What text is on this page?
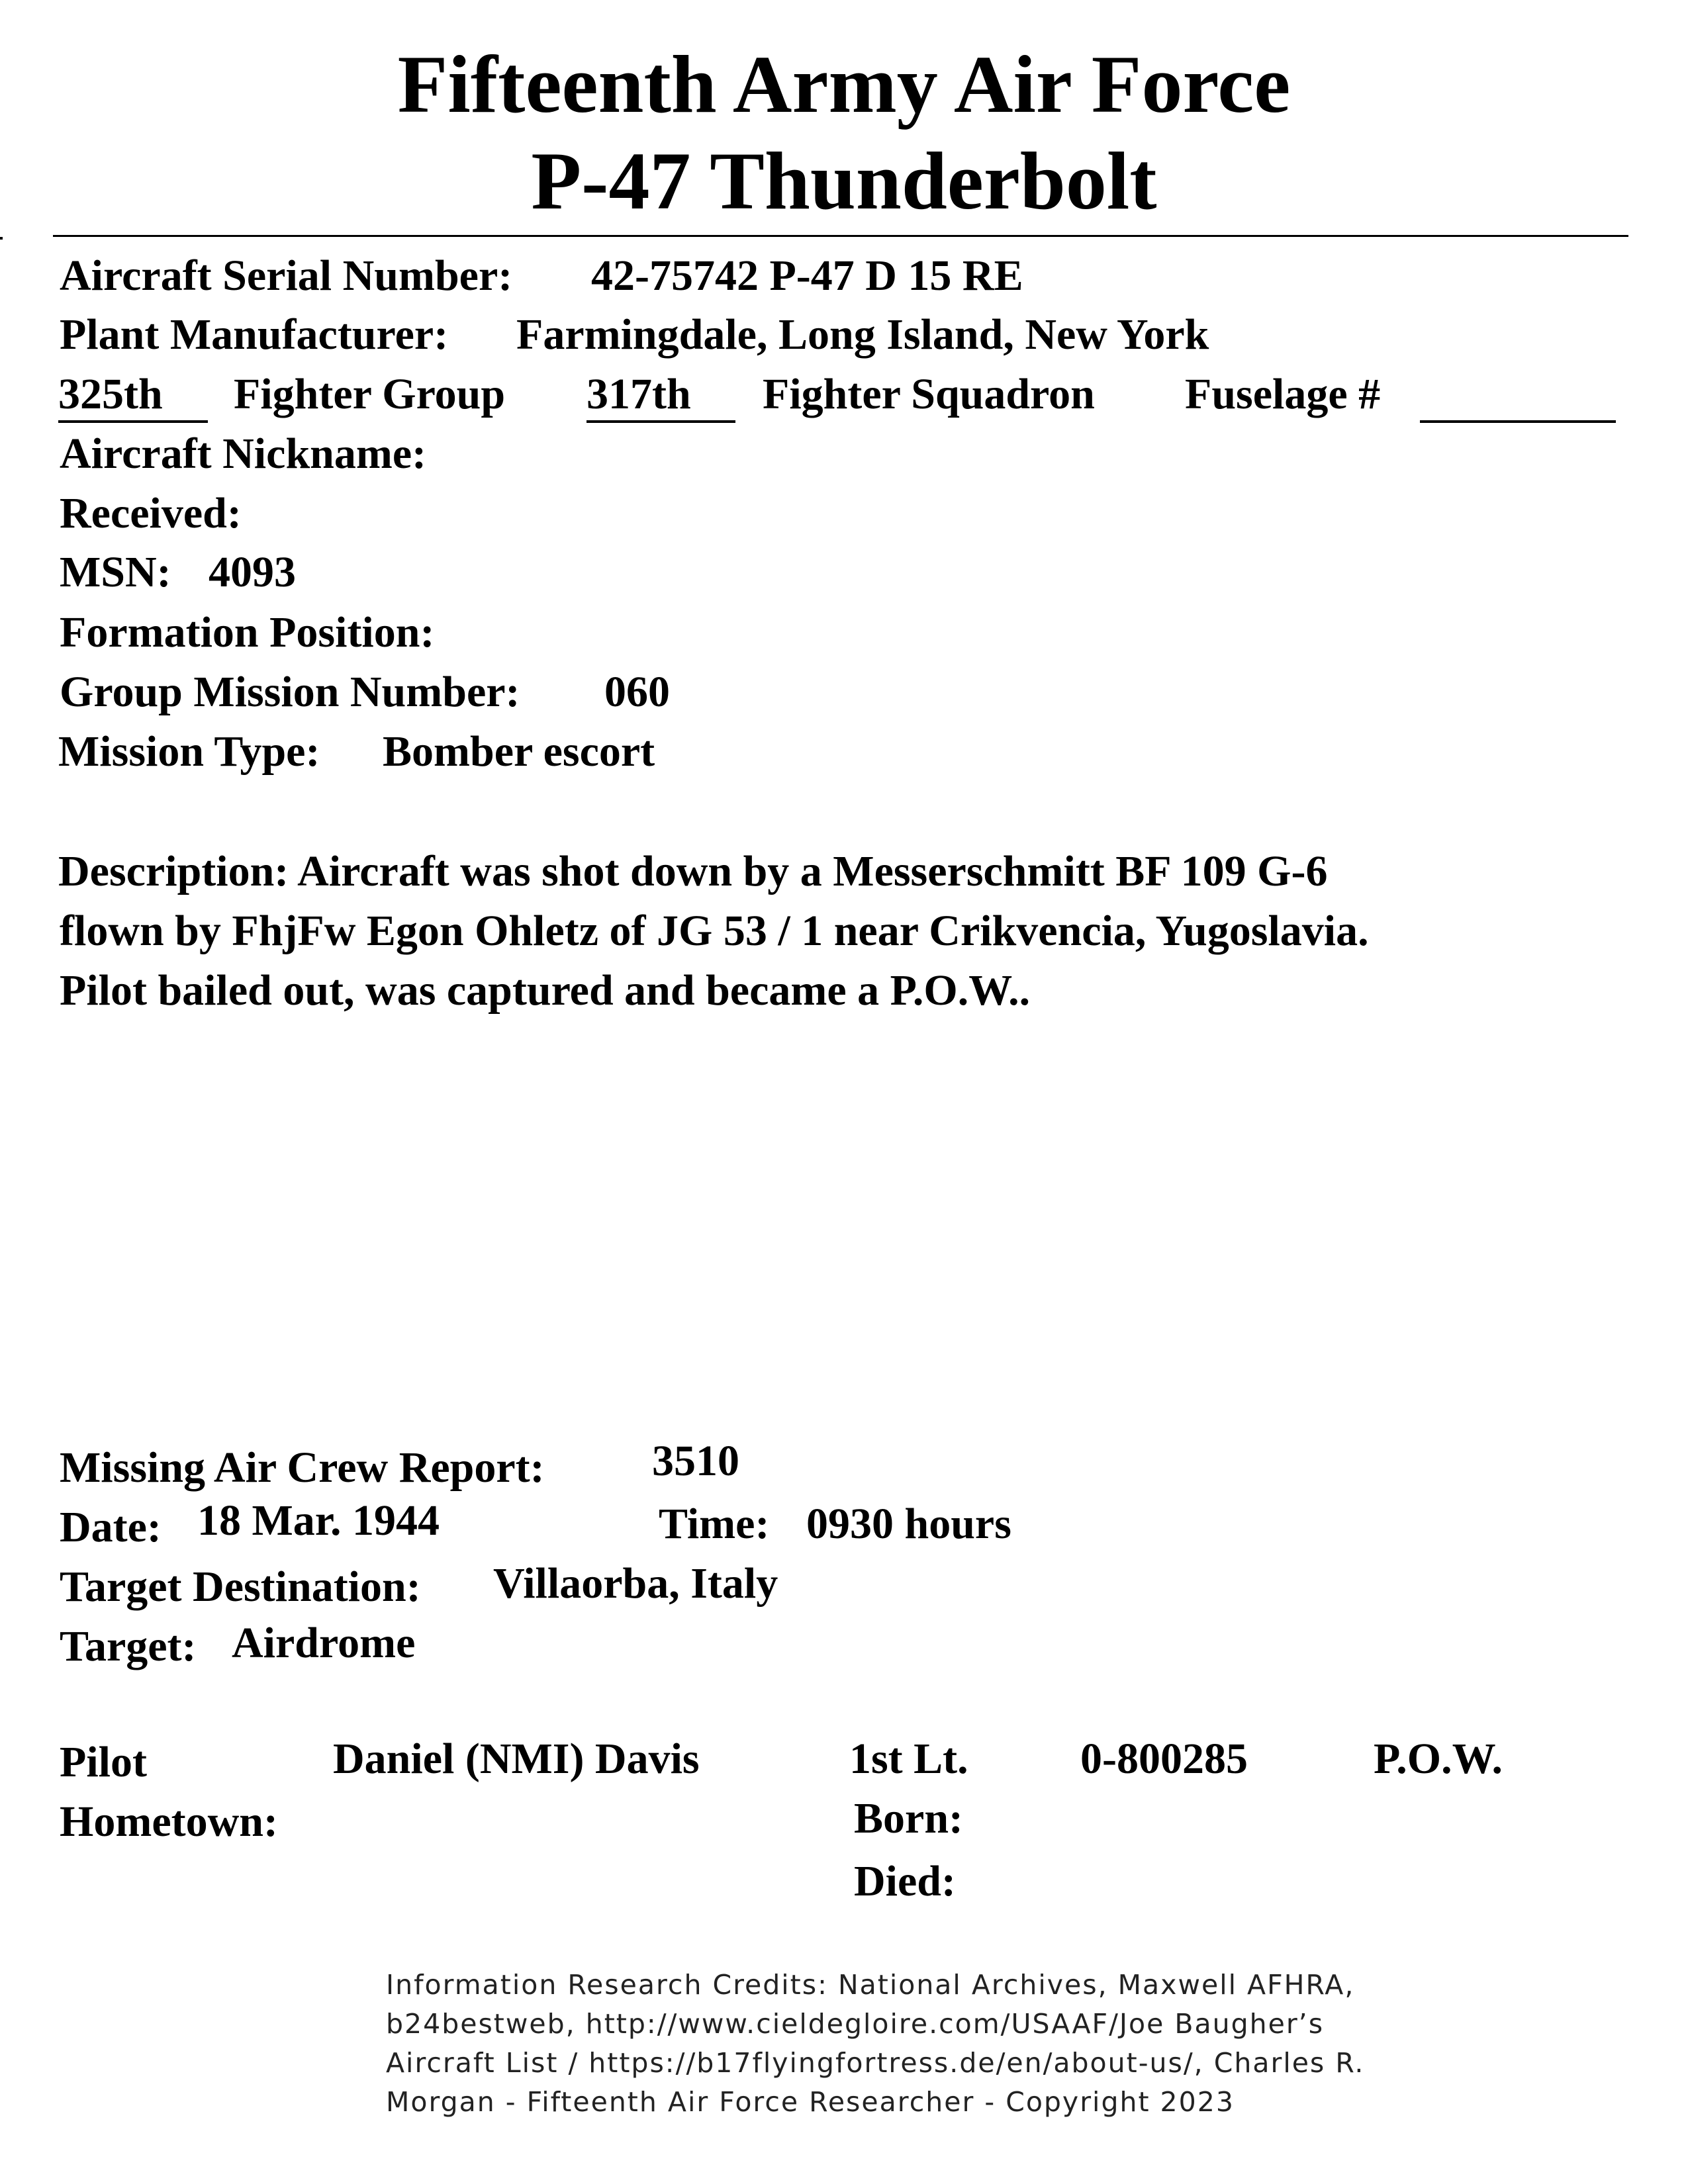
Fifteenth Army Air Force
P-47 Thunderbolt
Aircraft Serial Number: 42-75742 P-47 D 15 RE
Plant Manufacturer: Farmingdale, Long Island, New York
325th	Fighter Group 317th	Fighter Squadron Fuselage #
Aircraft Nickname:
Received:
MSN: 4093
Formation Position:
Group Mission Number: 060
Mission Type: Bomber escort
Description: Aircraft was shot down by a Messerschmitt BF 109 G-6
flown by FhjFw Egon Ohletz of JG 53 / 1 near Crikvencia, Yugoslavia.
Pilot bailed out, was captured and became a P.O.W..
Missing Air Crew Report: 3510
Date: 18 Mar. 1944	Time: 0930 hours
Target Destination: Villaorba, Italy
Target: Airdrome
Pilot	Daniel (NMI) Davis	1st Lt.	0-800285	P.O.W.
Hometown:	Born:
Died:
Information Research Credits: National Archives, Maxwell AFHRA,
b24bestweb, http://www.cieldegloire.com/USAAF/Joe Baugher’s
Aircraft List / https://b17flyingfortress.de/en/about-us/, Charles R.
Morgan - Fifteenth Air Force Researcher - Copyright 2023
